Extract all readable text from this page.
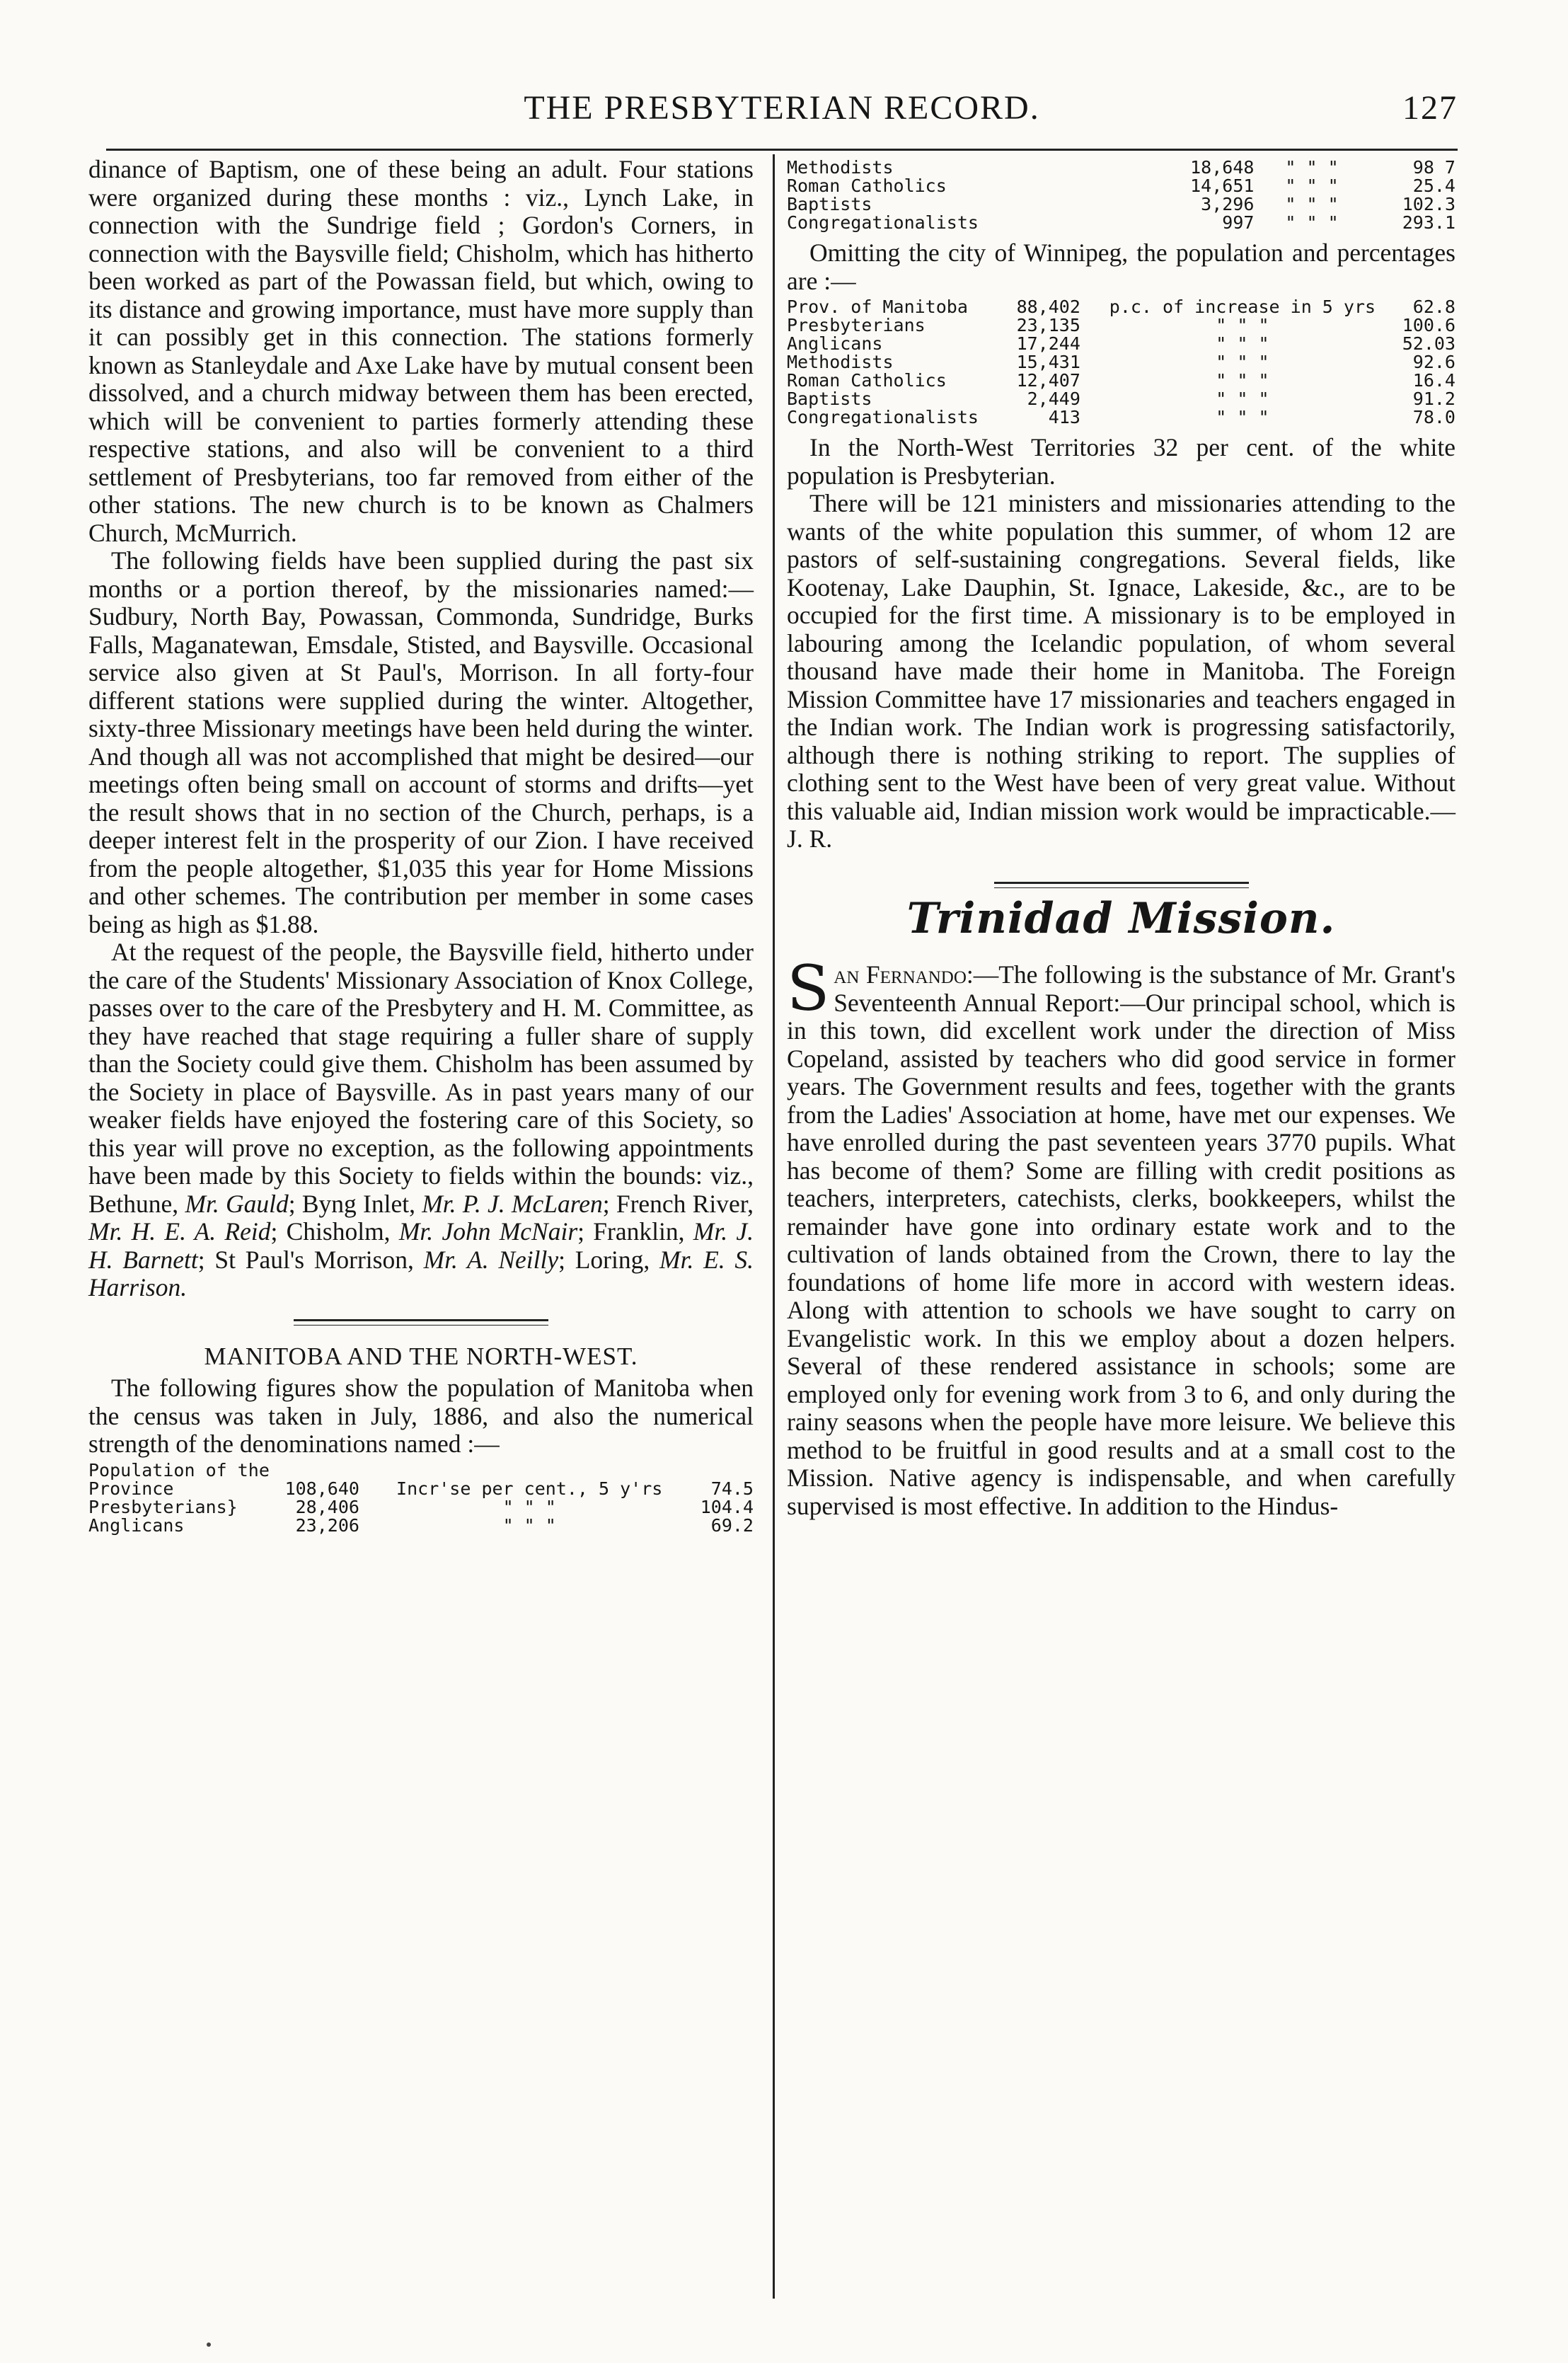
THE PRESBYTERIAN RECORD.	127

dinance of Baptism, one of these being an adult. Four stations were organized during these months : viz., Lynch Lake, in connection with the Sundrige field ; Gordon's Corners, in connection with the Baysville field; Chisholm, which has hitherto been worked as part of the Powassan field, but which, owing to its distance and growing importance, must have more supply than it can possibly get in this connection. The stations formerly known as Stanleydale and Axe Lake have by mutual consent been dissolved, and a church midway between them has been erected, which will be convenient to parties formerly attending these respective stations, and also will be convenient to a third settlement of Presbyterians, too far removed from either of the other stations. The new church is to be known as Chalmers Church, McMurrich.

The following fields have been supplied during the past six months or a portion thereof, by the missionaries named:—Sudbury, North Bay, Powassan, Commonda, Sundridge, Burks Falls, Maganatewan, Emsdale, Stisted, and Baysville. Occasional service also given at St Paul's, Morrison. In all forty-four different stations were supplied during the winter. Altogether, sixty-three Missionary meetings have been held during the winter. And though all was not accomplished that might be desired—our meetings often being small on account of storms and drifts—yet the result shows that in no section of the Church, perhaps, is a deeper interest felt in the prosperity of our Zion. I have received from the people altogether, $1,035 this year for Home Missions and other schemes. The contribution per member in some cases being as high as $1.88.

At the request of the people, the Baysville field, hitherto under the care of the Students' Missionary Association of Knox College, passes over to the care of the Presbytery and H. M. Committee, as they have reached that stage requiring a fuller share of supply than the Society could give them. Chisholm has been assumed by the Society in place of Baysville. As in past years many of our weaker fields have enjoyed the fostering care of this Society, so this year will prove no exception, as the following appointments have been made by this Society to fields within the bounds: viz., Bethune, Mr. Gauld; Byng Inlet, Mr. P. J. McLaren; French River, Mr. H. E. A. Reid; Chisholm, Mr. John McNair; Franklin, Mr. J. H. Barnett; St Paul's Morrison, Mr. A. Neilly; Loring, Mr. E. S. Harrison.

MANITOBA AND THE NORTH-WEST.

The following figures show the population of Manitoba when the census was taken in July, 1886, and also the numerical strength of the denominations named :—

Population of the			
Province	108,640	Incr'se per cent., 5 y'rs	74.5
Presbyterians}	28,406	" " "	104.4
Anglicans	23,206	" " "	69.2
Methodists	18,648	" " "	98 7
Roman Catholics	14,651	" " "	25.4
Baptists	3,296	" " "	102.3
Congregationalists	997	" " "	293.1

Omitting the city of Winnipeg, the population and percentages are :—

Prov. of Manitoba	88,402	p.c. of increase in 5 yrs	62.8
Presbyterians	23,135	" " "	100.6
Anglicans	17,244	" " "	52.03
Methodists	15,431	" " "	92.6
Roman Catholics	12,407	" " "	16.4
Baptists	2,449	" " "	91.2
Congregationalists	413	" " "	78.0

In the North-West Territories 32 per cent. of the white population is Presbyterian.

There will be 121 ministers and missionaries attending to the wants of the white population this summer, of whom 12 are pastors of self-sustaining congregations. Several fields, like Kootenay, Lake Dauphin, St. Ignace, Lakeside, &c., are to be occupied for the first time. A missionary is to be employed in labouring among the Icelandic population, of whom several thousand have made their home in Manitoba. The Foreign Mission Committee have 17 missionaries and teachers engaged in the Indian work. The Indian work is progressing satisfactorily, although there is nothing striking to report. The supplies of clothing sent to the West have been of very great value. Without this valuable aid, Indian mission work would be impracticable.—J. R.

Trinidad Mission.

San Fernando:—The following is the substance of Mr. Grant's Seventeenth Annual Report:—Our principal school, which is in this town, did excellent work under the direction of Miss Copeland, assisted by teachers who did good service in former years. The Government results and fees, together with the grants from the Ladies' Association at home, have met our expenses. We have enrolled during the past seventeen years 3770 pupils. What has become of them? Some are filling with credit positions as teachers, interpreters, catechists, clerks, bookkeepers, whilst the remainder have gone into ordinary estate work and to the cultivation of lands obtained from the Crown, there to lay the foundations of home life more in accord with western ideas. Along with attention to schools we have sought to carry on Evangelistic work. In this we employ about a dozen helpers. Several of these rendered assistance in schools; some are employed only for evening work from 3 to 6, and only during the rainy seasons when the people have more leisure. We believe this method to be fruitful in good results and at a small cost to the Mission. Native agency is indispensable, and when carefully supervised is most effective. In addition to the Hindus-
